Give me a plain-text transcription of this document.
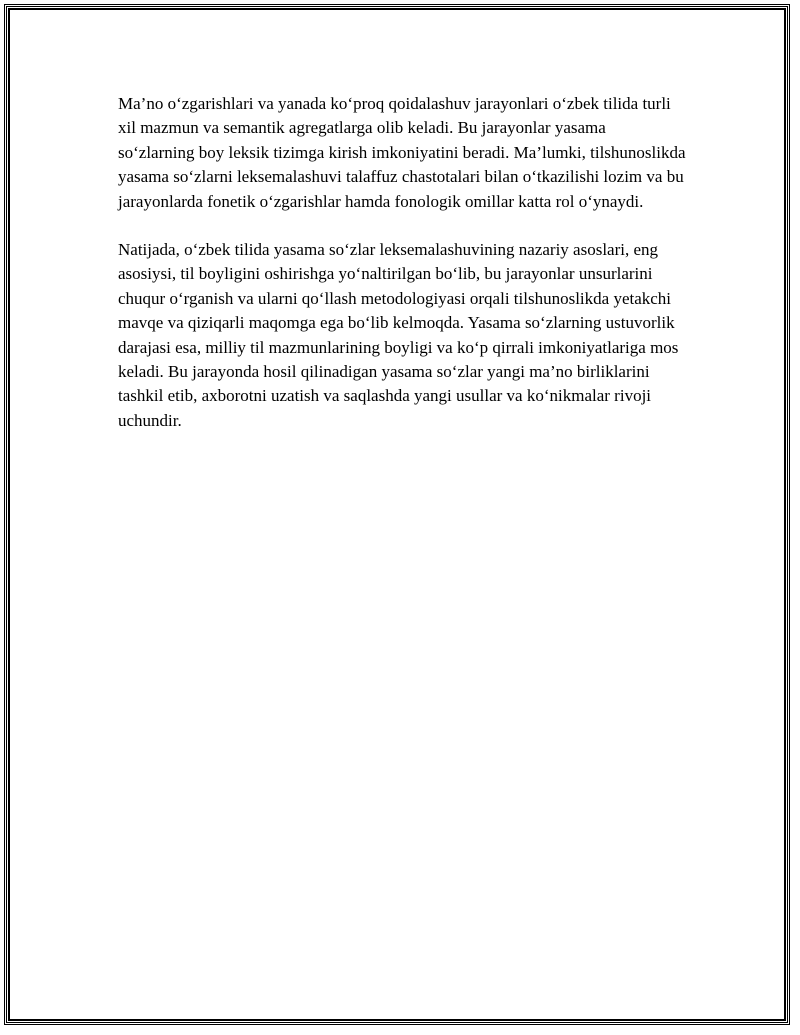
Ma’no o‘zgarishlari va yanada ko‘proq qoidalashuv jarayonlari o‘zbek tilida turli xil mazmun va semantik agregatlarga olib keladi. Bu jarayonlar yasama so‘zlarning boy leksik tizimga kirish imkoniyatini beradi. Ma’lumki, tilshunoslikda yasama so‘zlarni leksemalashuvi talaffuz chastotalari bilan o‘tkazilishi lozim va bu jarayonlarda fonetik o‘zgarishlar hamda fonologik omillar katta rol o‘ynaydi.

Natijada, o‘zbek tilida yasama so‘zlar leksemalashuvining nazariy asoslari, eng asosiysi, til boyligini oshirishga yo‘naltirilgan bo‘lib, bu jarayonlar unsurlarini chuqur o‘rganish va ularni qo‘llash metodologiyasi orqali tilshunoslikda yetakchi mavqe va qiziqarli maqomga ega bo‘lib kelmoqda. Yasama so‘zlarning ustuvorlik darajasi esa, milliy til mazmunlarining boyligi va ko‘p qirrali imkoniyatlariga mos keladi. Bu jarayonda hosil qilinadigan yasama so‘zlar yangi ma’no birliklarini tashkil etib, axborotni uzatish va saqlashda yangi usullar va ko‘nikmalar rivoji uchundir.
